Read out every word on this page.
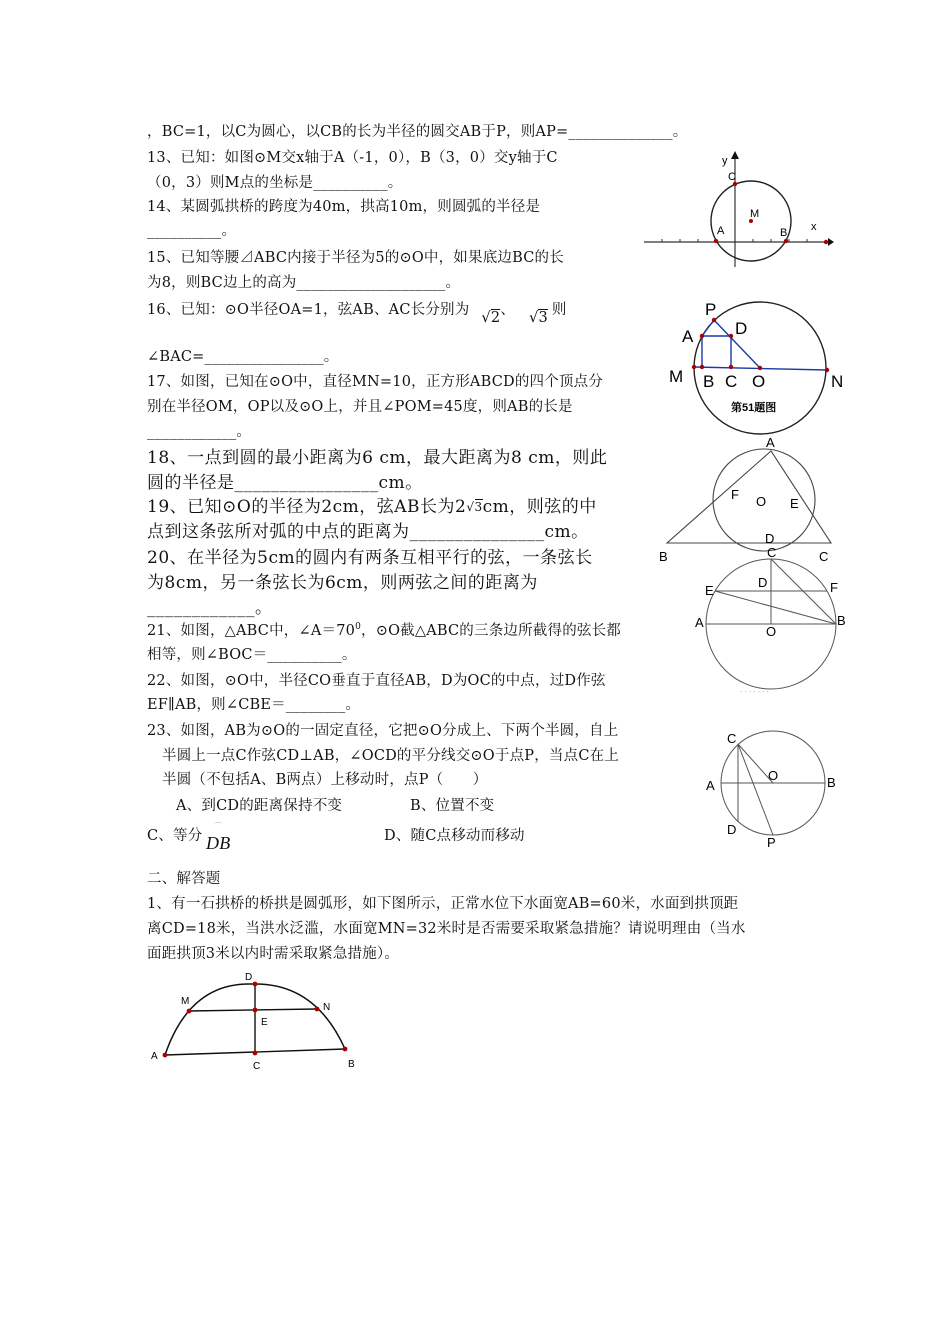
，BC=1，以C为圆心，以CB的长为半径的圆交AB于P，则AP=______________。
13、已知：如图⊙M交x轴于A（-1，0），B（3，0）交y轴于C
（0，3）则M点的坐标是__________。
14、某圆弧拱桥的跨度为40m，拱高10m，则圆弧的半径是
__________。
15、已知等腰⊿ABC内接于半径为5的⊙O中，如果底边BC的长
为8，则BC边上的高为____________________。
16、已知：⊙O半径OA=1，弦AB、AC长分别为 √2、 √3 则
∠BAC=________________。
17、如图，已知在⊙O中，直径MN=10，正方形ABCD的四个顶点分
别在半径OM，OP以及⊙O上，并且∠POM=45度，则AB的长是
____________。
18、一点到圆的最小距离为6 cm，最大距离为8 cm，则此
圆的半径是________________cm。
19、已知⊙O的半径为2cm，弦AB长为2√3cm，则弦的中
点到这条弦所对弧的中点的距离为_______________cm。
20、在半径为5cm的圆内有两条互相平行的弦，一条弦长
为8cm，另一条弦长为6cm，则两弦之间的距离为
____________。
21、如图，△ABC中，$\angle A=70^0$，⊙O截△ABC的三条边所截得的弦长都
相等，则∠BOC＝__________。
22、如图，⊙O中，半径CO垂直于直径AB，D为OC的中点，过D作弦
EF∥AB，则∠CBE＝________。
23、如图，AB为⊙O的一固定直径，它把⊙O分成上、下两个半圆，自上
半圆上一点C作弦CD⊥AB，∠OCD的平分线交⊙O于点P，当点C在上
半圆（不包括A、B两点）上移动时，点P（　　）
A、到CD的距离保持不变	B、位置不变
C、等分
⌒
DB	D、随C点移动而移动
二、解答题
1、有一石拱桥的桥拱是圆弧形，如下图所示，正常水位下水面宽AB=60米，水面到拱顶距
离CD=18米，当洪水泛滥，水面宽MN=32米时是否需要采取紧急措施？请说明理由（当水
面距拱顶3米以内时需采取紧急措施）。
y
x
C
M
A	B
P
A D
M B C O	N
第51题图
A
F O E
D
B	C
C
D
E	F
A
O
B
. . . . . . .
C
O
A	B
D
P
D
M
N
E
A
C	B
